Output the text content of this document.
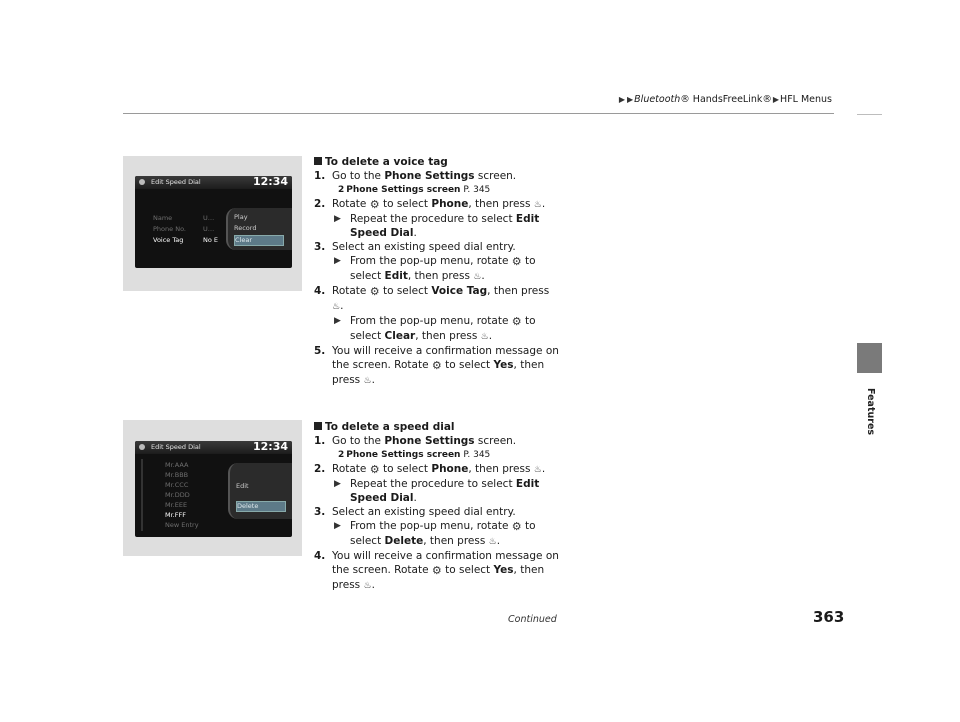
▶ ▶Bluetooth® HandsFreeLink®▶HFL Menus
Features
Edit Speed Dial	12:34
Name	U…
Phone No.	U…
Voice Tag	No E
Play
Record
Clear
Edit Speed Dial	12:34
Mr.AAA
Mr.BBB
Mr.CCC
Mr.DDD
Mr.EEE
Mr.FFF
New Entry
Edit
Delete
To delete a voice tag
1. Go to the Phone Settings screen.
2 Phone Settings screen P. 345
2. Rotate ⚙ to select Phone, then press ♨.
▶ Repeat the procedure to select Edit
Speed Dial.
3. Select an existing speed dial entry.
▶ From the pop-up menu, rotate ⚙ to
select Edit, then press ♨.
4. Rotate ⚙ to select Voice Tag, then press
♨.
▶ From the pop-up menu, rotate ⚙ to
select Clear, then press ♨.
5. You will receive a confirmation message on
the screen. Rotate ⚙ to select Yes, then
press ♨.
To delete a speed dial
1. Go to the Phone Settings screen.
2 Phone Settings screen P. 345
2. Rotate ⚙ to select Phone, then press ♨.
▶ Repeat the procedure to select Edit
Speed Dial.
3. Select an existing speed dial entry.
▶ From the pop-up menu, rotate ⚙ to
select Delete, then press ♨.
4. You will receive a confirmation message on
the screen. Rotate ⚙ to select Yes, then
press ♨.
Continued	363
